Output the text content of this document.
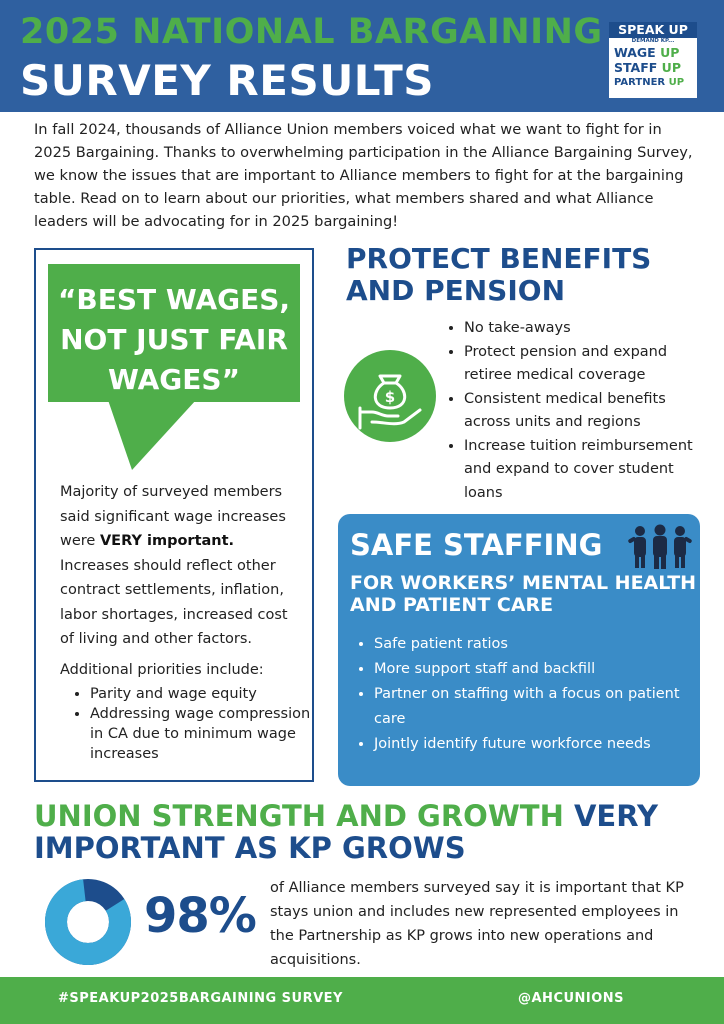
2025 NATIONAL BARGAINING
SURVEY RESULTS
SPEAK UP
DEMAND KP...
WAGE UP
STAFF UP
PARTNER UP
In fall 2024, thousands of Alliance Union members voiced what we want to fight for in 2025 Bargaining. Thanks to overwhelming participation in the Alliance Bargaining Survey, we know the issues that are important to Alliance members to fight for at the bargaining table. Read on to learn about our priorities, what members shared and what Alliance leaders will be advocating for in 2025 bargaining!
“BEST WAGES, NOT JUST FAIR WAGES”
Majority of surveyed members said significant wage increases were VERY important. Increases should reflect other contract settlements, inflation, labor shortages, increased cost of living and other factors.
Additional priorities include:
• Parity and wage equity
• Addressing wage compression in CA due to minimum wage increases
PROTECT BENEFITS AND PENSION
$
• No take-aways
• Protect pension and expand retiree medical coverage
• Consistent medical benefits across units and regions
• Increase tuition reimbursement and expand to cover student loans
SAFE STAFFING
FOR WORKERS’ MENTAL HEALTH AND PATIENT CARE
• Safe patient ratios
• More support staff and backfill
• Partner on staffing with a focus on patient care
• Jointly identify future workforce needs
UNION STRENGTH AND GROWTH VERY IMPORTANT AS KP GROWS
98% of Alliance members surveyed say it is important that KP stays union and includes new represented employees in the Partnership as KP grows into new operations and acquisitions.
#SPEAKUP2025BARGAINING SURVEY	@AHCUNIONS
